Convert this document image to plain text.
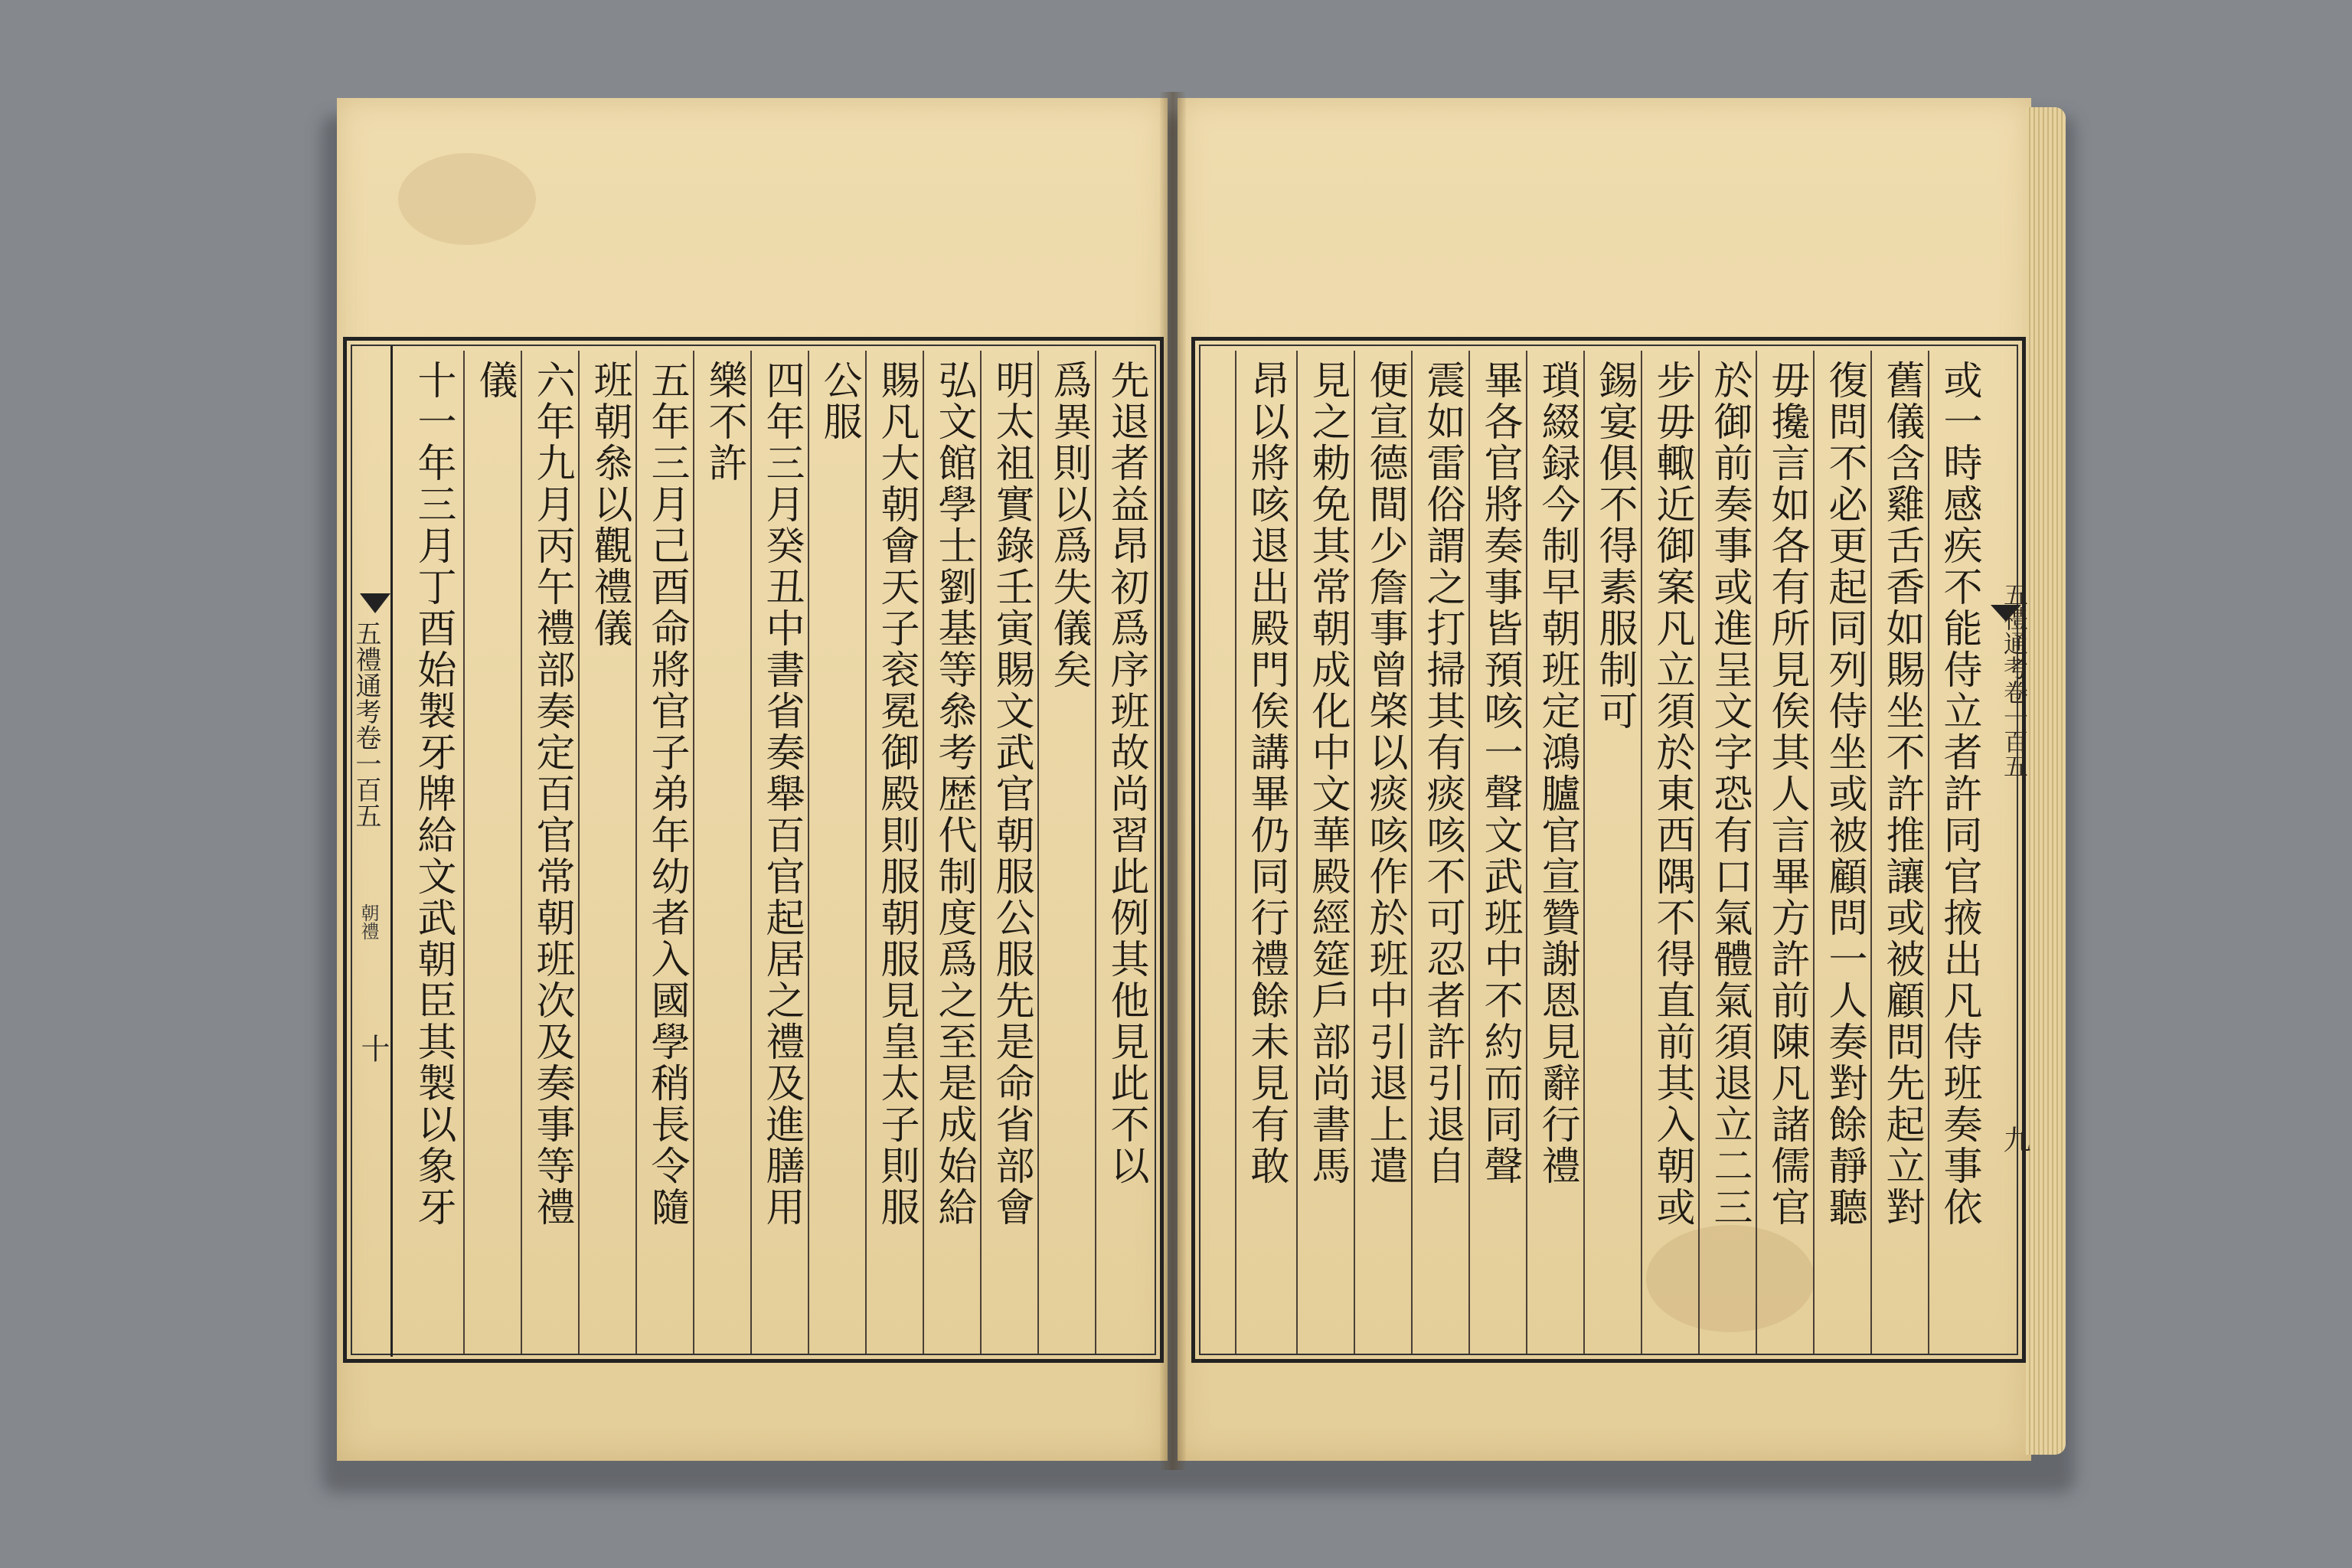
五禮通考卷一百五
朝禮
十	先退者益昂初爲序班故尚習此例其他見此不以
爲異則以爲失儀矣
明太祖實錄壬寅賜文武官朝服公服先是命省部會
弘文館學士劉基等叅考歴代制度爲之至是成始給
賜凡大朝會天子衮冕御殿則服朝服見皇太子則服
公服
四年三月癸丑中書省奏舉百官起居之禮及進膳用
樂不許
五年三月己酉命將官子弟年幼者入國學稍長令隨
班朝叅以觀禮儀
六年九月丙午禮部奏定百官常朝班次及奏事等禮
儀
十一年三月丁酉始製牙牌給文武朝臣其製以象牙	五禮通考卷一百五
九
或一時感疾不能侍立者許同官掖出凡侍班奏事依
舊儀含雞舌香如賜坐不許推讓或被顧問先起立對
復問不必更起同列侍坐或被顧問一人奏對餘靜聽
毋攙言如各有所見俟其人言畢方許前陳凡諸儒官
於御前奏事或進呈文字恐有口氣體氣須退立二三
步毋輙近御案凡立須於東西隅不得直前其入朝或
錫宴俱不得素服制可
瑣綴録今制早朝班定鴻臚官宣贊謝恩見辭行禮
畢各官將奏事皆預咳一聲文武班中不約而同聲
震如雷俗謂之打掃其有痰咳不可忍者許引退自
便宣德間少詹事曾棨以痰咳作於班中引退上遣
見之勅免其常朝成化中文華殿經筵戶部尚書馬
昂以將咳退出殿門俟講畢仍同行禮餘未見有敢
